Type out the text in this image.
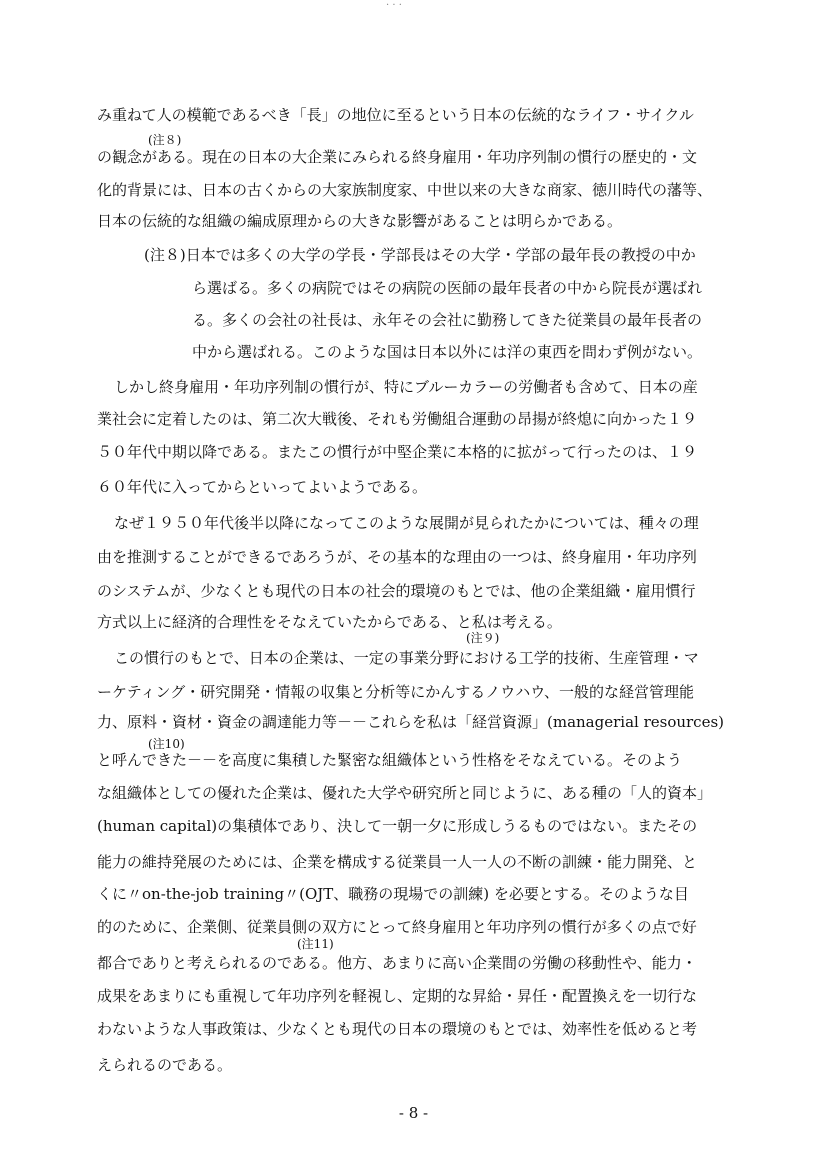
· · ·
み重ねて人の模範であるべき「長」の地位に至るという日本の伝統的なライフ・サイクル
(注８)
の観念がある。現在の日本の大企業にみられる終身雇用・年功序列制の慣行の歴史的・文
化的背景には、日本の古くからの大家族制度家、中世以来の大きな商家、徳川時代の藩等、
日本の伝統的な組織の編成原理からの大きな影響があることは明らかである。
(注８)日本では多くの大学の学長・学部長はその大学・学部の最年長の教授の中か
ら選ばる。多くの病院ではその病院の医師の最年長者の中から院長が選ばれ
る。多くの会社の社長は、永年その会社に勤務してきた従業員の最年長者の
中から選ばれる。このような国は日本以外には洋の東西を問わず例がない。
しかし終身雇用・年功序列制の慣行が、特にブルーカラーの労働者も含めて、日本の産
業社会に定着したのは、第二次大戦後、それも労働組合運動の昂揚が終熄に向かった１９
５０年代中期以降である。またこの慣行が中堅企業に本格的に拡がって行ったのは、１９
６０年代に入ってからといってよいようである。
なぜ１９５０年代後半以降になってこのような展開が見られたかについては、種々の理
由を推測することができるであろうが、その基本的な理由の一つは、終身雇用・年功序列
のシステムが、少なくとも現代の日本の社会的環境のもとでは、他の企業組織・雇用慣行
方式以上に経済的合理性をそなえていたからである、と私は考える。
(注９)
この慣行のもとで、日本の企業は、一定の事業分野における工学的技術、生産管理・マ
ーケティング・研究開発・情報の収集と分析等にかんするノウハウ、一般的な経営管理能
力、原料・資材・資金の調達能力等－－これらを私は「経営資源」(managerial resources)
(注10)
と呼んできた－－を高度に集積した緊密な組織体という性格をそなえている。そのよう
な組織体としての優れた企業は、優れた大学や研究所と同じように、ある種の「人的資本」
(human capital)の集積体であり、決して一朝一夕に形成しうるものではない。またその
能力の維持発展のためには、企業を構成する従業員一人一人の不断の訓練・能力開発、と
くに〃on-the-job training〃(OJT、職務の現場での訓練) を必要とする。そのような目
的のために、企業側、従業員側の双方にとって終身雇用と年功序列の慣行が多くの点で好
(注11)
都合でありと考えられるのである。他方、あまりに高い企業間の労働の移動性や、能力・
成果をあまりにも重視して年功序列を軽視し、定期的な昇給・昇任・配置換えを一切行な
わないような人事政策は、少なくとも現代の日本の環境のもとでは、効率性を低めると考
えられるのである。
- 8 -
